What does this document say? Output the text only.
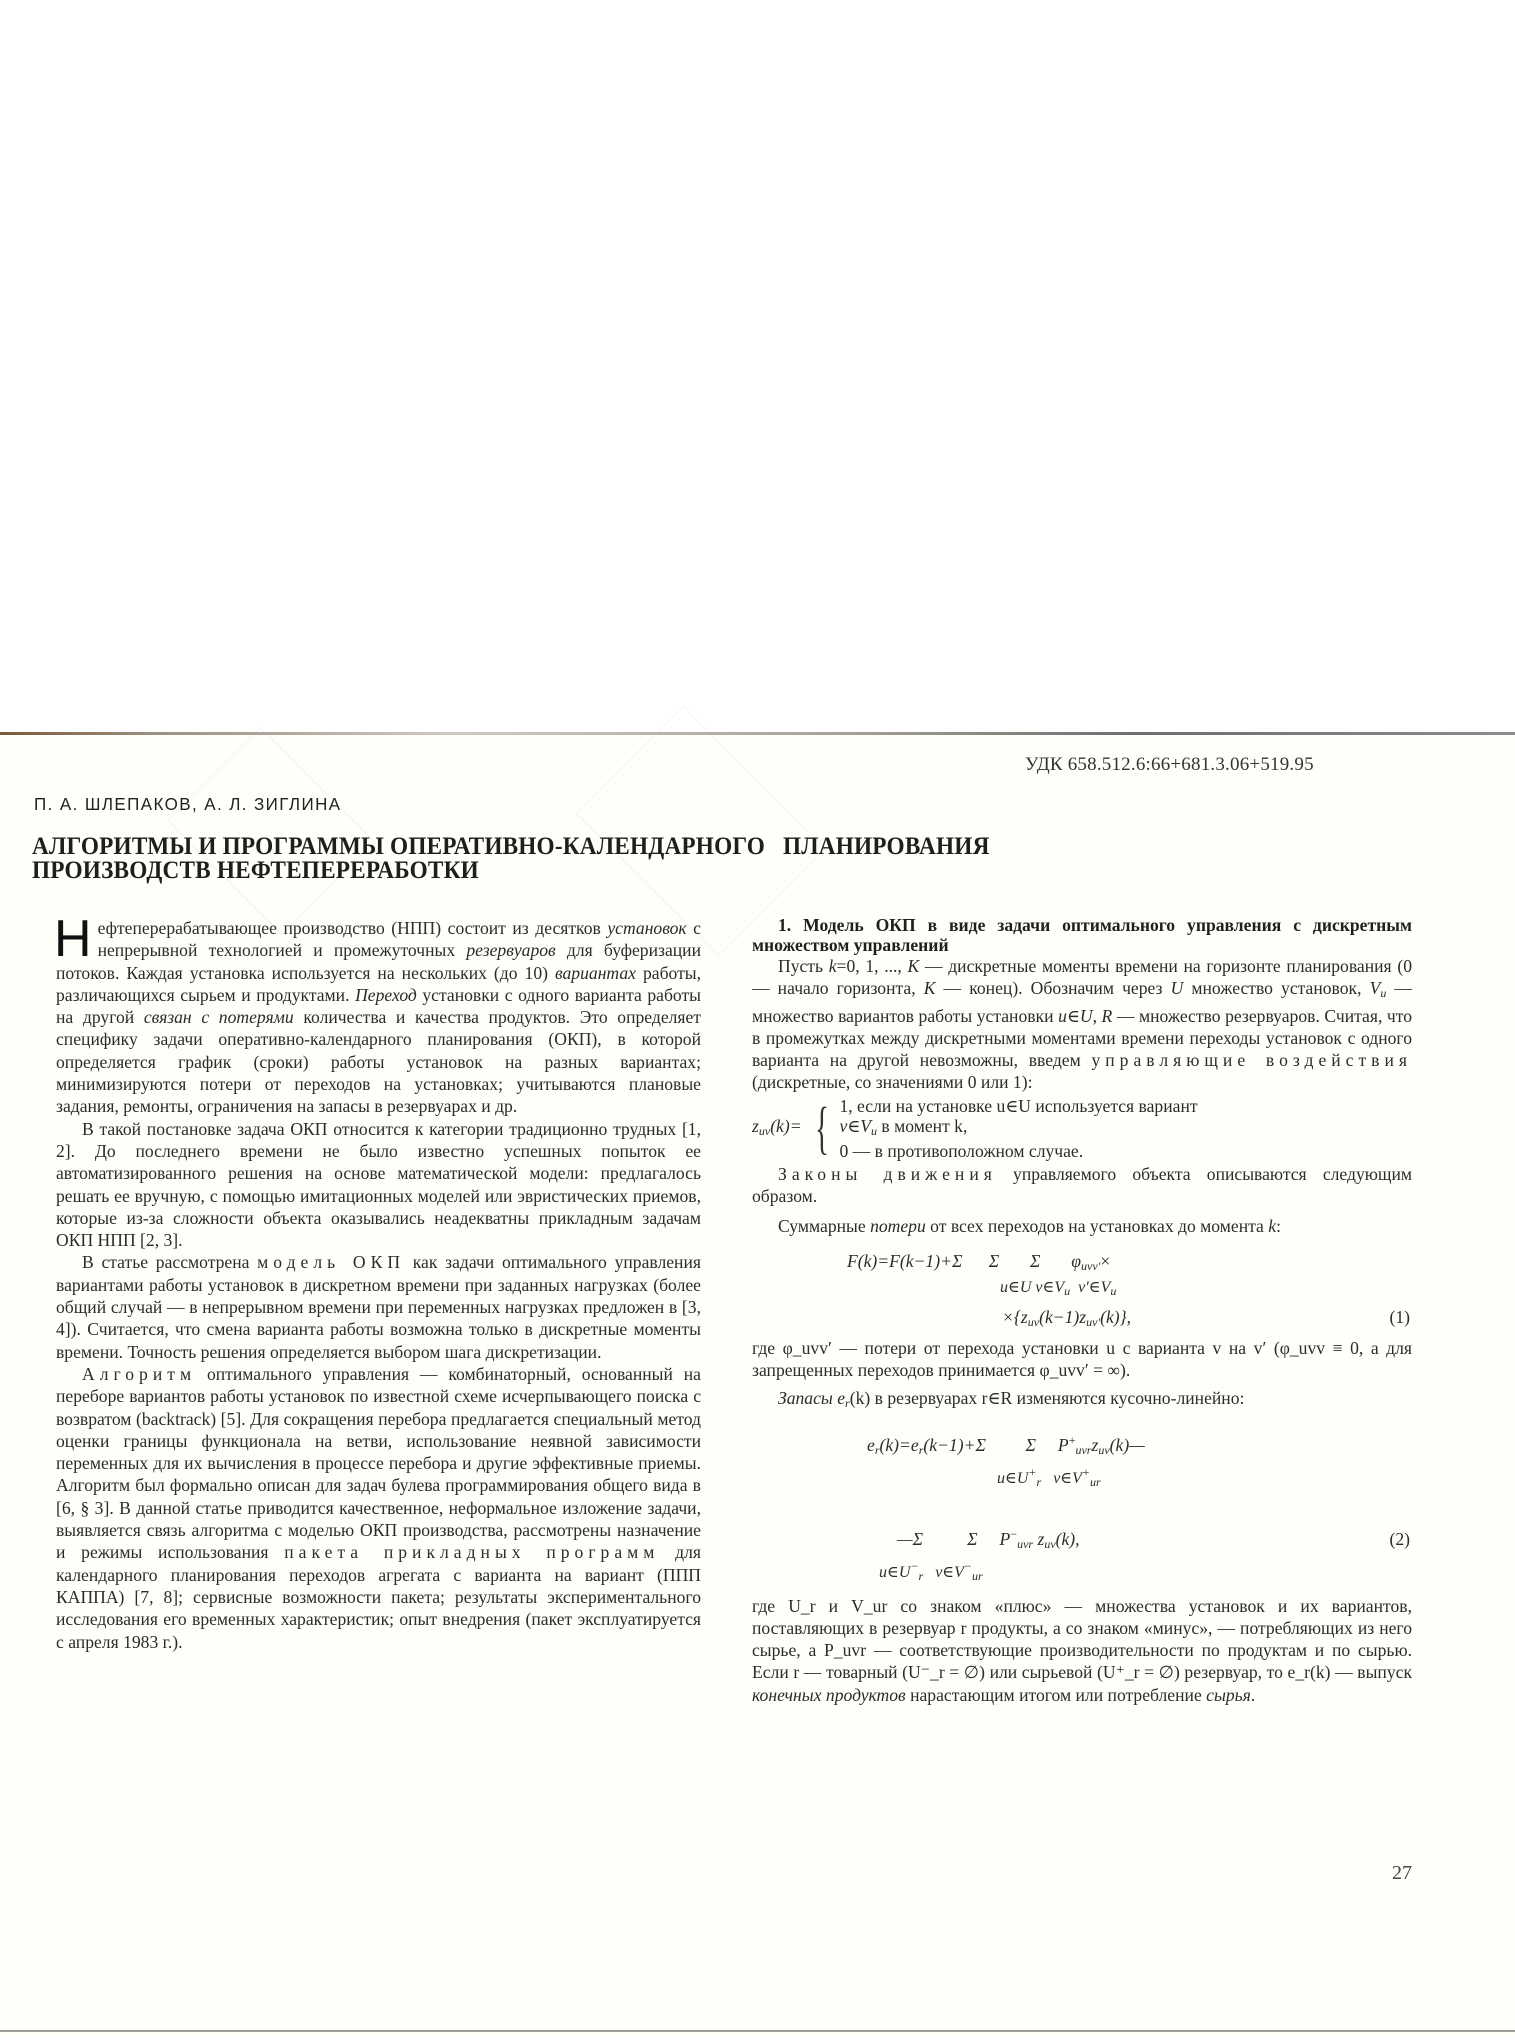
УДК 658.512.6:66+681.3.06+519.95
П. А. ШЛЕПАКОВ, А. Л. ЗИГЛИНА
АЛГОРИТМЫ И ПРОГРАММЫ ОПЕРАТИВНО-КАЛЕНДАРНОГО   ПЛАНИРОВАНИЯ
ПРОИЗВОДСТВ НЕФТЕПЕРЕРАБОТКИ

Нефтеперерабатывающее производство (НПП) состоит из десятков установок с непрерывной технологией и промежуточных резервуаров для буферизации потоков. Каждая установка используется на нескольких (до 10) вариантах работы, различающихся сырьем и продуктами. Переход установки с одного варианта работы на другой связан с потерями количества и качества продуктов. Это определяет специфику задачи оперативно-календарного планирования (ОКП), в которой определяется график (сроки) работы установок на разных вариантах; минимизируются потери от переходов на установках; учитываются плановые задания, ремонты, ограничения на запасы в резервуарах и др.

В такой постановке задача ОКП относится к категории традиционно трудных [1, 2]. До последнего времени не было известно успешных попыток ее автоматизированного решения на основе математической модели: предлагалось решать ее вручную, с помощью имитационных моделей или эвристических приемов, которые из-за сложности объекта оказывались неадекватны прикладным задачам ОКП НПП [2, 3].

В статье рассмотрена модель ОКП как задачи оптимального управления вариантами работы установок в дискретном времени при заданных нагрузках (более общий случай — в непрерывном времени при переменных нагрузках предложен в [3, 4]). Считается, что смена варианта работы возможна только в дискретные моменты времени. Точность решения определяется выбором шага дискретизации.

Алгоритм оптимального управления — комбинаторный, основанный на переборе вариантов работы установок по известной схеме исчерпывающего поиска с возвратом (backtrack) [5]. Для сокращения перебора предлагается специальный метод оценки границы функционала на ветви, использование неявной зависимости переменных для их вычисления в процессе перебора и другие эффективные приемы. Алгоритм был формально описан для задач булева программирования общего вида в [6, § 3]. В данной статье приводится качественное, неформальное изложение задачи, выявляется связь алгоритма с моделью ОКП производства, рассмотрены назначение и режимы использования пакета прикладных программ для календарного планирования переходов агрегата с варианта на вариант (ППП КАППА) [7, 8]; сервисные возможности пакета; результаты экспериментального исследования его временных характеристик; опыт внедрения (пакет эксплуатируется с апреля 1983 г.).

1. Модель ОКП в виде задачи оптимального управления с дискретным множеством управлений

Пусть k=0, 1, ..., K — дискретные моменты времени на горизонте планирования (0 — начало горизонта, K — конец). Обозначим через U множество установок, $V_u$ — множество вариантов работы установки u∈U, R — множество резервуаров. Считая, что в промежутках между дискретными моментами времени переходы установок с одного варианта на другой невозможны, введем управляющие воздействия (дискретные, со значениями 0 или 1):

$z_{uv}(k)=$ { 1, если на установке u∈U используется вариант
$v\in V_u$ в момент k,
0 — в противоположном случае.

Законы движения управляемого объекта описываются следующим образом.

Суммарные потери от всех переходов на установках до момента k:

F(k)=F(k−1)+Σ      Σ       Σ       $\varphi_{uvv'}\times$
u∈U $v\in V_u$  $v'\in V_u$
$\times\{z_{uv}(k-1)z_{uv'}(k)\}$,	(1)

где φ_uvv′ — потери от перехода установки u с варианта v на v′ (φ_uvv ≡ 0, а для запрещенных переходов принимается φ_uvv′ = ∞).

Запасы $e_r(k)$ в резервуарах r∈R изменяются кусочно-линейно:

$e_r(k)=e_r(k-1)+\Sigma$         Σ     $P^+_{uvr}z_{uv}(k)—$
$u\in U^+_r$   $v\in V^+_{ur}$
—Σ          Σ     $P^-_{uvr}$ $z_{uv}(k)$,	(2)
$u\in U^-_r$   $v\in V^-_{ur}$

где U_r и V_ur со знаком «плюс» — множества установок и их вариантов, поставляющих в резервуар r продукты, а со знаком «минус», — потребляющих из него сырье, а P_uvr — соответствующие производительности по продуктам и по сырью. Если r — товарный (U⁻_r = ∅) или сырьевой (U⁺_r = ∅) резервуар, то e_r(k) — выпуск конечных продуктов нарастающим итогом или потребление сырья.

27
